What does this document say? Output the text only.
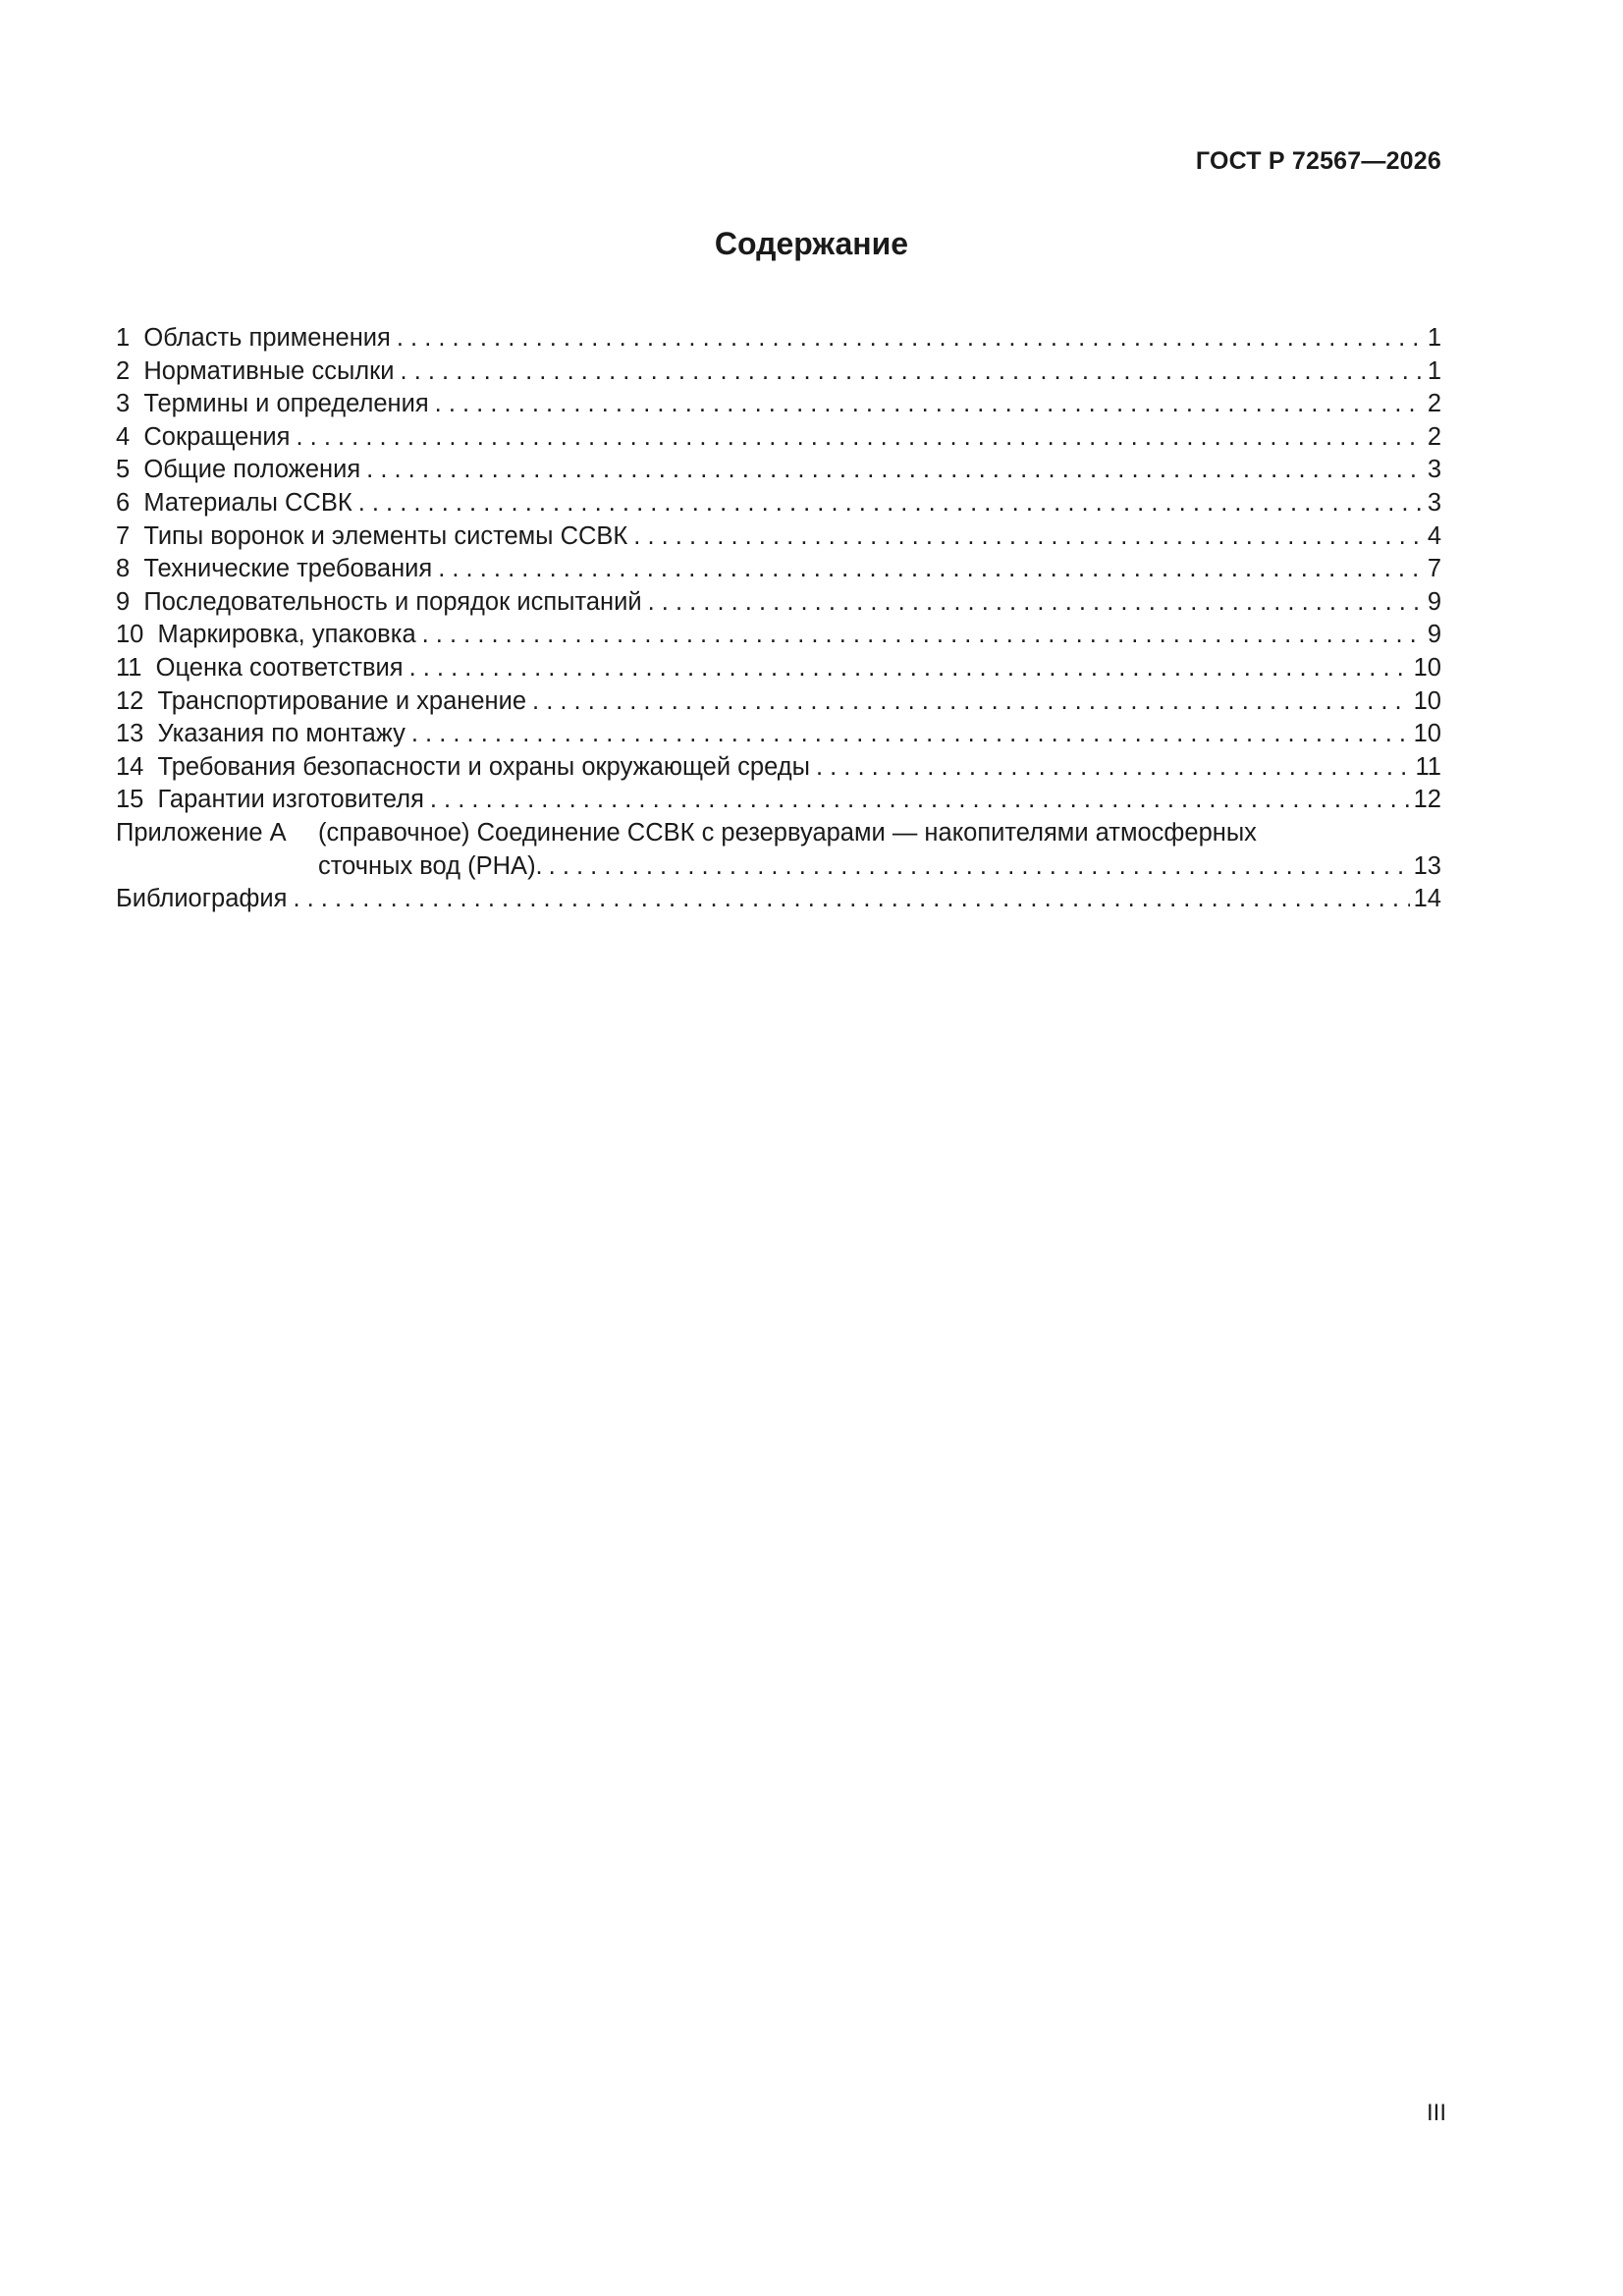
ГОСТ Р 72567—2026
Содержание
1 Область применения . . .	1
2 Нормативные ссылки . . .	1
3 Термины и определения . . .	2
4 Сокращения . . .	2
5 Общие положения . . .	3
6 Материалы ССВК . . .	3
7 Типы воронок и элементы системы ССВК . . .	4
8 Технические требования . . .	7
9 Последовательность и порядок испытаний . . .	9
10 Маркировка, упаковка . . .	9
11 Оценка соответствия . . .	10
12 Транспортирование и хранение . . .	10
13 Указания по монтажу . . .	10
14 Требования безопасности и охраны окружающей среды . . .	11
15 Гарантии изготовителя . . .	12
Приложение А (справочное) Соединение ССВК с резервуарами — накопителями атмосферных
сточных вод (РНА). . . .	13
Библиография . . .	14
III
